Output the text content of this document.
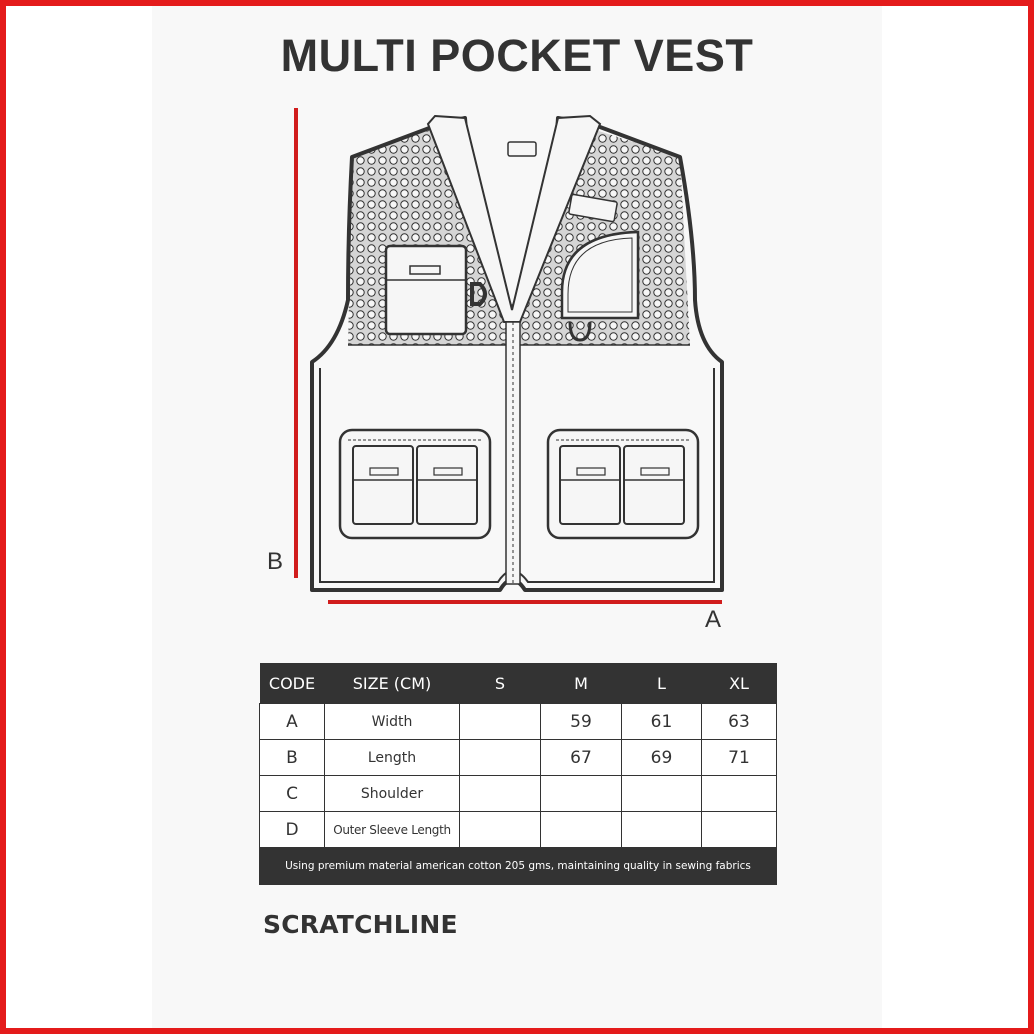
MULTI POCKET VEST
B
A
CODE	SIZE (CM)	S	M	L	XL
A	Width		59	61	63
B	Length		67	69	71
C	Shoulder				
D	Outer Sleeve Length				
Using premium material american cotton 205 gms, maintaining quality in sewing fabrics					
SCRATCHLINE
